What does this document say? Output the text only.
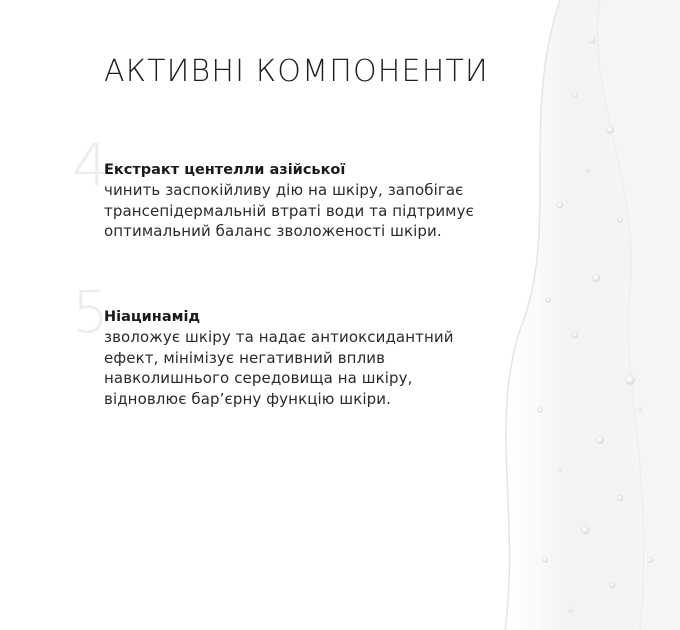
АКТИВНІ КОМПОНЕНТИ
4
Екстракт центелли азійської
чинить заспокійливу дію на шкіру, запобігає
трансепідермальній втраті води та підтримує
оптимальний баланс зволоженості шкіри.
5
Ніацинамід
зволожує шкіру та надає антиоксидантний
ефект, мінімізує негативний вплив
навколишнього середовища на шкіру,
відновлює бар’єрну функцію шкіри.
